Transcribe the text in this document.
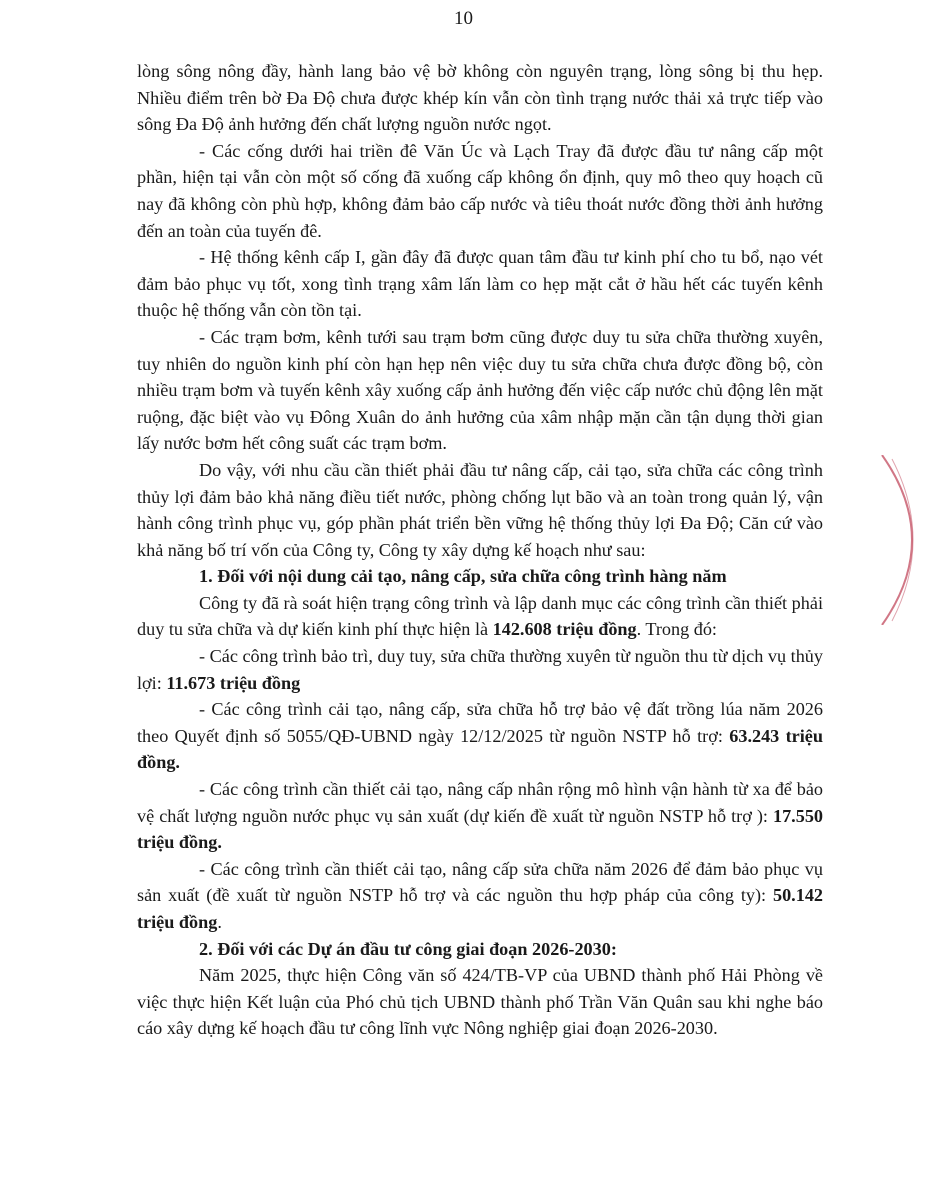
10

lòng sông nông đầy, hành lang bảo vệ bờ không còn nguyên trạng, lòng sông bị thu hẹp. Nhiều điểm trên bờ Đa Độ chưa được khép kín vẫn còn tình trạng nước thải xả trực tiếp vào sông Đa Độ ảnh hưởng đến chất lượng nguồn nước ngọt.

- Các cống dưới hai triền đê Văn Úc và Lạch Tray đã được đầu tư nâng cấp một phần, hiện tại vẫn còn một số cống đã xuống cấp không ổn định, quy mô theo quy hoạch cũ nay đã không còn phù hợp, không đảm bảo cấp nước và tiêu thoát nước đồng thời ảnh hưởng đến an toàn của tuyến đê.

- Hệ thống kênh cấp I, gần đây đã được quan tâm đầu tư kinh phí cho tu bổ, nạo vét đảm bảo phục vụ tốt, xong tình trạng xâm lấn làm co hẹp mặt cắt ở hầu hết các tuyến kênh thuộc hệ thống vẫn còn tồn tại.

- Các trạm bơm, kênh tưới sau trạm bơm cũng được duy tu sửa chữa thường xuyên, tuy nhiên do nguồn kinh phí còn hạn hẹp nên việc duy tu sửa chữa chưa được đồng bộ, còn nhiều trạm bơm và tuyến kênh xây xuống cấp ảnh hưởng đến việc cấp nước chủ động lên mặt ruộng, đặc biệt vào vụ Đông Xuân do ảnh hưởng của xâm nhập mặn cần tận dụng thời gian lấy nước bơm hết công suất các trạm bơm.

Do vậy, với nhu cầu cần thiết phải đầu tư nâng cấp, cải tạo, sửa chữa các công trình thủy lợi đảm bảo khả năng điều tiết nước, phòng chống lụt bão và an toàn trong quản lý, vận hành công trình phục vụ, góp phần phát triển bền vững hệ thống thủy lợi Đa Độ; Căn cứ vào khả năng bố trí vốn của Công ty, Công ty xây dựng kế hoạch như sau:

1. Đối với nội dung cải tạo, nâng cấp, sửa chữa công trình hàng năm

Công ty đã rà soát hiện trạng công trình và lập danh mục các công trình cần thiết phải duy tu sửa chữa và dự kiến kinh phí thực hiện là 142.608 triệu đồng. Trong đó:

- Các công trình bảo trì, duy tuy, sửa chữa thường xuyên từ nguồn thu từ dịch vụ thủy lợi: 11.673 triệu đồng

- Các công trình cải tạo, nâng cấp, sửa chữa hỗ trợ bảo vệ đất trồng lúa năm 2026 theo Quyết định số 5055/QĐ-UBND ngày 12/12/2025 từ nguồn NSTP hỗ trợ: 63.243 triệu đồng.

- Các công trình cần thiết cải tạo, nâng cấp nhân rộng mô hình vận hành từ xa để bảo vệ chất lượng nguồn nước phục vụ sản xuất (dự kiến đề xuất từ nguồn NSTP hỗ trợ ): 17.550 triệu đồng.

- Các công trình cần thiết cải tạo, nâng cấp sửa chữa năm 2026 để đảm bảo phục vụ sản xuất (đề xuất từ nguồn NSTP hỗ trợ và các nguồn thu hợp pháp của công ty): 50.142 triệu đồng.

2. Đối với các Dự án đầu tư công giai đoạn 2026-2030:

Năm 2025, thực hiện Công văn số 424/TB-VP của UBND thành phố Hải Phòng về việc thực hiện Kết luận của Phó chủ tịch UBND thành phố Trần Văn Quân sau khi nghe báo cáo xây dựng kế hoạch đầu tư công lĩnh vực Nông nghiệp giai đoạn 2026-2030.
